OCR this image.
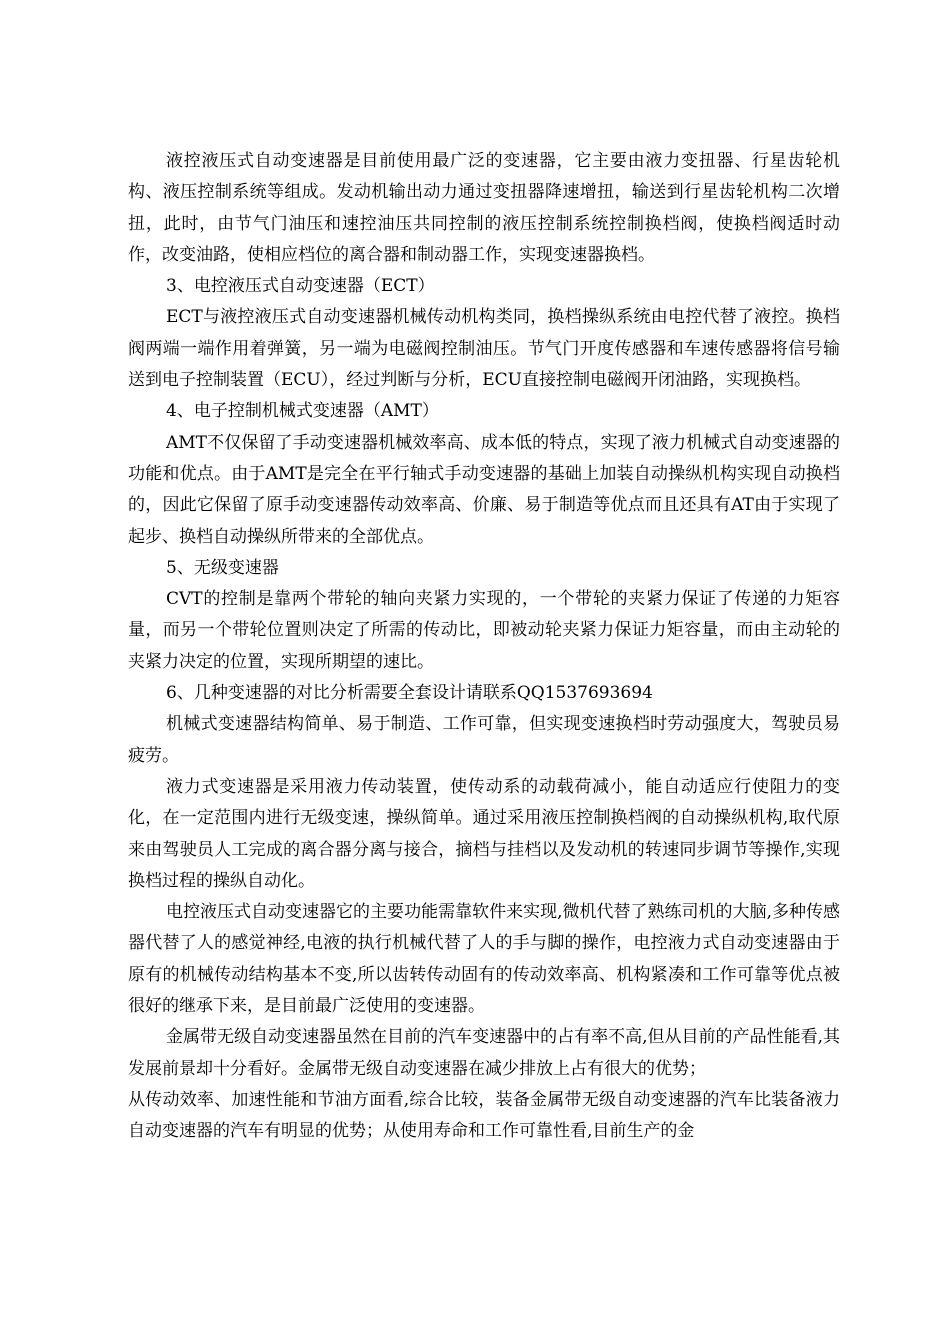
液控液压式自动变速器是目前使用最广泛的变速器，它主要由液力变扭器、行星齿轮机构、液压控制系统等组成。发动机输出动力通过变扭器降速增扭，输送到行星齿轮机构二次增扭，此时，由节气门油压和速控油压共同控制的液压控制系统控制换档阀，使换档阀适时动作，改变油路，使相应档位的离合器和制动器工作，实现变速器换档。

3、电控液压式自动变速器（ECT）

ECT与液控液压式自动变速器机械传动机构类同，换档操纵系统由电控代替了液控。换档阀两端一端作用着弹簧，另一端为电磁阀控制油压。节气门开度传感器和车速传感器将信号输送到电子控制装置（ECU），经过判断与分析，ECU直接控制电磁阀开闭油路，实现换档。

4、电子控制机械式变速器（AMT）

AMT不仅保留了手动变速器机械效率高、成本低的特点，实现了液力机械式自动变速器的功能和优点。由于AMT是完全在平行轴式手动变速器的基础上加装自动操纵机构实现自动换档的，因此它保留了原手动变速器传动效率高、价廉、易于制造等优点而且还具有AT由于实现了起步、换档自动操纵所带来的全部优点。

5、无级变速器

CVT的控制是靠两个带轮的轴向夹紧力实现的，一个带轮的夹紧力保证了传递的力矩容量，而另一个带轮位置则决定了所需的传动比，即被动轮夹紧力保证力矩容量，而由主动轮的夹紧力决定的位置，实现所期望的速比。

6、几种变速器的对比分析需要全套设计请联系QQ1537693694

机械式变速器结构简单、易于制造、工作可靠，但实现变速换档时劳动强度大，驾驶员易疲劳。

液力式变速器是采用液力传动装置，使传动系的动载荷减小，能自动适应行使阻力的变化，在一定范围内进行无级变速，操纵简单。通过采用液压控制换档阀的自动操纵机构,取代原来由驾驶员人工完成的离合器分离与接合，摘档与挂档以及发动机的转速同步调节等操作,实现换档过程的操纵自动化。

电控液压式自动变速器它的主要功能需靠软件来实现,微机代替了熟练司机的大脑,多种传感器代替了人的感觉神经,电液的执行机械代替了人的手与脚的操作，电控液力式自动变速器由于原有的机械传动结构基本不变,所以齿转传动固有的传动效率高、机构紧凑和工作可靠等优点被很好的继承下来，是目前最广泛使用的变速器。

金属带无级自动变速器虽然在目前的汽车变速器中的占有率不高,但从目前的产品性能看,其发展前景却十分看好。金属带无级自动变速器在减少排放上占有很大的优势；

从传动效率、加速性能和节油方面看,综合比较，装备金属带无级自动变速器的汽车比装备液力自动变速器的汽车有明显的优势；从使用寿命和工作可靠性看,目前生产的金
